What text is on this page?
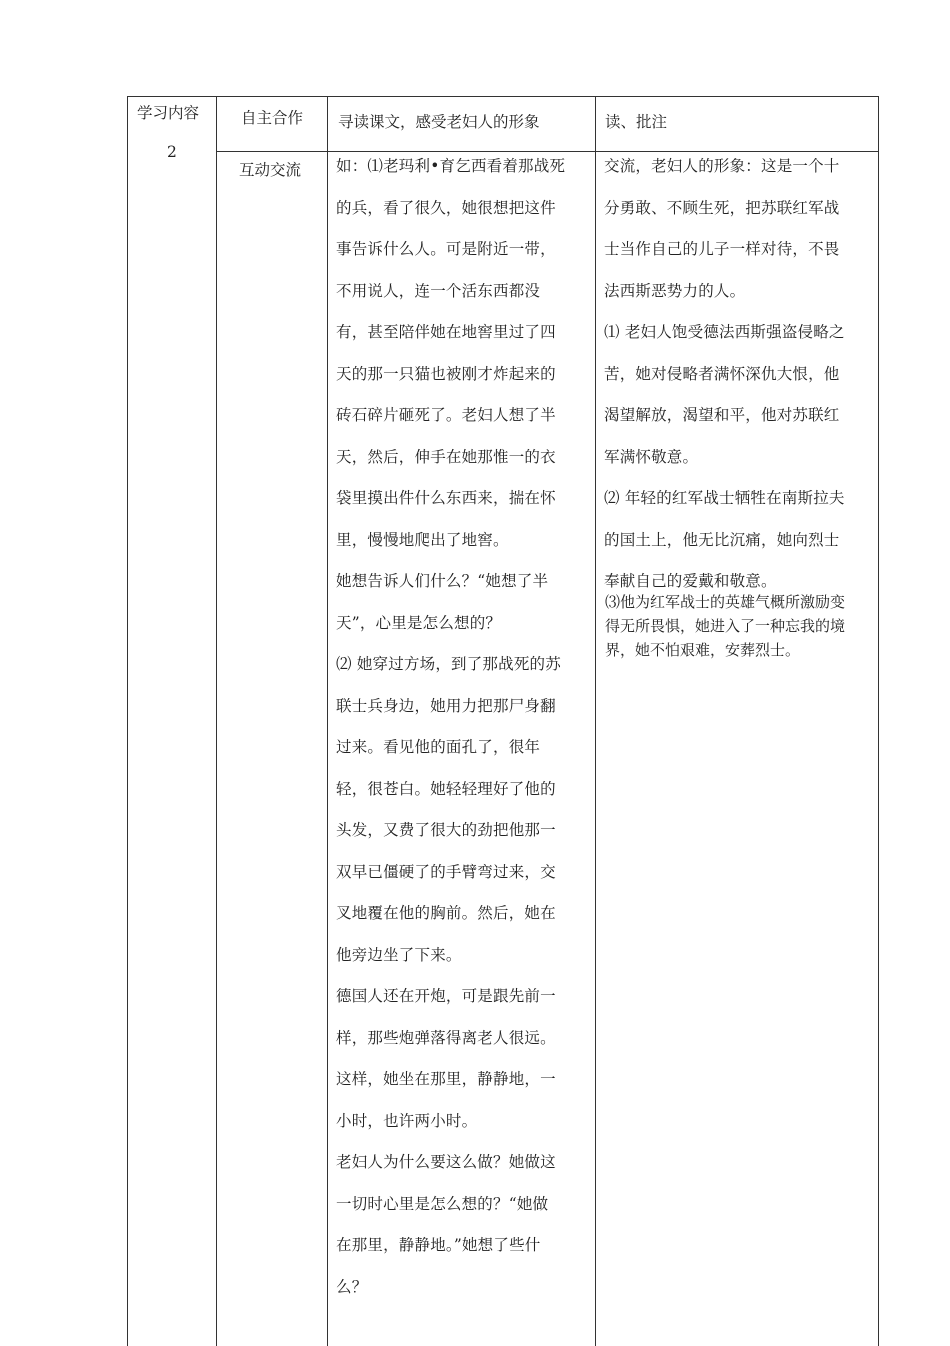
学习内容
2
自主合作
互动交流
寻读课文，感受老妇人的形象	读、批注

如：⑴老玛利•育乞西看着那战死

的兵，看了很久，她很想把这件

事告诉什么人。可是附近一带，

不用说人，连一个活东西都没

有，甚至陪伴她在地窖里过了四

天的那一只猫也被刚才炸起来的

砖石碎片砸死了。老妇人想了半

天，然后，伸手在她那惟一的衣

袋里摸出件什么东西来，揣在怀

里，慢慢地爬出了地窖。

她想告诉人们什么？“她想了半

天”，心里是怎么想的？

⑵ 她穿过方场，到了那战死的苏

联士兵身边，她用力把那尸身翻

过来。看见他的面孔了，很年

轻，很苍白。她轻轻理好了他的

头发，又费了很大的劲把他那一

双早已僵硬了的手臂弯过来，交

叉地覆在他的胸前。然后，她在

他旁边坐了下来。

德国人还在开炮，可是跟先前一

样，那些炮弹落得离老人很远。

这样，她坐在那里，静静地，一

小时，也许两小时。

老妇人为什么要这么做？她做这

一切时心里是怎么想的？“她做

在那里，静静地。”她想了些什

么？

交流，老妇人的形象：这是一个十

分勇敢、不顾生死，把苏联红军战

士当作自己的儿子一样对待，不畏

法西斯恶势力的人。

⑴ 老妇人饱受德法西斯强盗侵略之

苦，她对侵略者满怀深仇大恨，他

渴望解放，渴望和平，他对苏联红

军满怀敬意。

⑵ 年轻的红军战士牺牲在南斯拉夫

的国土上，他无比沉痛，她向烈士

奉献自己的爱戴和敬意。

⑶他为红军战士的英雄气概所激励变

得无所畏惧，她进入了一种忘我的境

界，她不怕艰难，安葬烈士。
